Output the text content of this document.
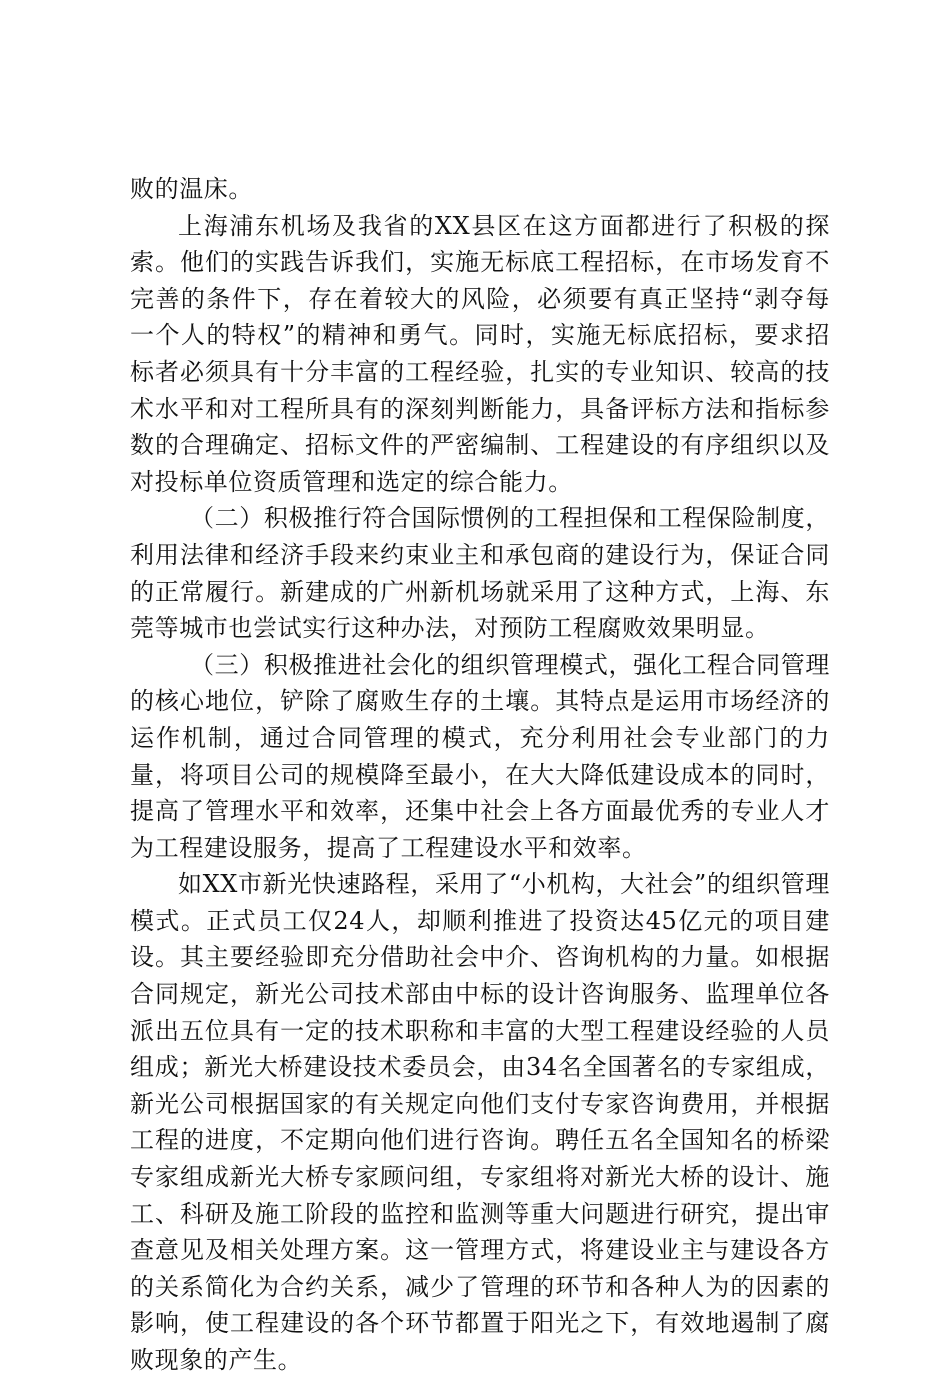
败的温床。

上海浦东机场及我省的XX县区在这方面都进行了积极的探索。他们的实践告诉我们，实施无标底工程招标，在市场发育不完善的条件下，存在着较大的风险，必须要有真正坚持“剥夺每一个人的特权”的精神和勇气。同时，实施无标底招标，要求招标者必须具有十分丰富的工程经验，扎实的专业知识、较高的技术水平和对工程所具有的深刻判断能力，具备评标方法和指标参数的合理确定、招标文件的严密编制、工程建设的有序组织以及对投标单位资质管理和选定的综合能力。

（二）积极推行符合国际惯例的工程担保和工程保险制度，利用法律和经济手段来约束业主和承包商的建设行为，保证合同的正常履行。新建成的广州新机场就采用了这种方式，上海、东莞等城市也尝试实行这种办法，对预防工程腐败效果明显。

（三）积极推进社会化的组织管理模式，强化工程合同管理的核心地位，铲除了腐败生存的土壤。其特点是运用市场经济的运作机制，通过合同管理的模式，充分利用社会专业部门的力量，将项目公司的规模降至最小，在大大降低建设成本的同时，提高了管理水平和效率，还集中社会上各方面最优秀的专业人才为工程建设服务，提高了工程建设水平和效率。

如XX市新光快速路程，采用了“小机构，大社会”的组织管理模式。正式员工仅24人，却顺利推进了投资达45亿元的项目建设。其主要经验即充分借助社会中介、咨询机构的力量。如根据合同规定，新光公司技术部由中标的设计咨询服务、监理单位各派出五位具有一定的技术职称和丰富的大型工程建设经验的人员组成；新光大桥建设技术委员会，由34名全国著名的专家组成，新光公司根据国家的有关规定向他们支付专家咨询费用，并根据工程的进度，不定期向他们进行咨询。聘任五名全国知名的桥梁专家组成新光大桥专家顾问组，专家组将对新光大桥的设计、施工、科研及施工阶段的监控和监测等重大问题进行研究，提出审查意见及相关处理方案。这一管理方式，将建设业主与建设各方的关系简化为合约关系，减少了管理的环节和各种人为的因素的影响，使工程建设的各个环节都置于阳光之下，有效地遏制了腐败现象的产生。
